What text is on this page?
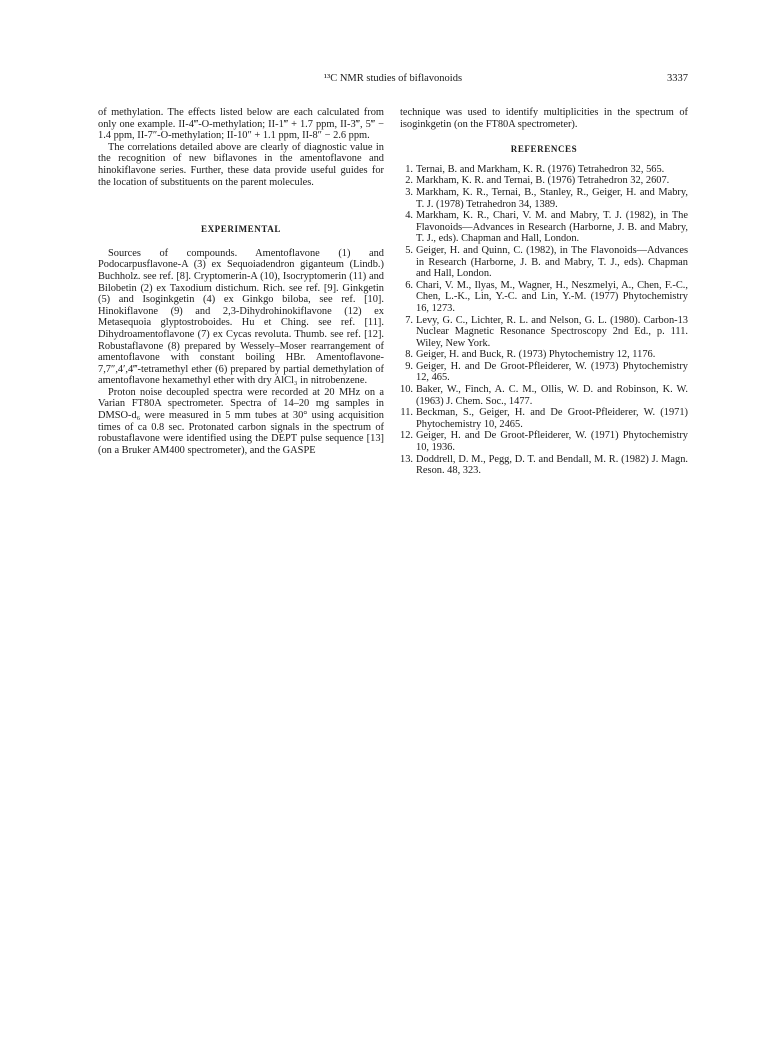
¹³C NMR studies of biflavonoids	3337

of methylation. The effects listed below are each calculated from only one example. II-4‴-O-methylation; II-1‴ + 1.7 ppm, II-3‴, 5‴ − 1.4 ppm, II-7″-O-methylation; II-10″ + 1.1 ppm, II-8″ − 2.6 ppm.

The correlations detailed above are clearly of diagnostic value in the recognition of new biflavones in the amentoflavone and hinokiflavone series. Further, these data provide useful guides for the location of substituents on the parent molecules.

EXPERIMENTAL

Sources of compounds. Amentoflavone (1) and Podocarpusflavone-A (3) ex Sequoiadendron giganteum (Lindb.) Buchholz. see ref. [8]. Cryptomerin-A (10), Isocryptomerin (11) and Bilobetin (2) ex Taxodium distichum. Rich. see ref. [9]. Ginkgetin (5) and Isoginkgetin (4) ex Ginkgo biloba, see ref. [10]. Hinokiflavone (9) and 2,3-Dihydrohinokiflavone (12) ex Metasequoia glyptostroboides. Hu et Ching. see ref. [11]. Dihydroamentoflavone (7) ex Cycas revoluta. Thumb. see ref. [12]. Robustaflavone (8) prepared by Wessely–Moser rearrangement of amentoflavone with constant boiling HBr. Amentoflavone-7,7″,4′,4‴-tetramethyl ether (6) prepared by partial demethylation of amentoflavone hexamethyl ether with dry AlCl₃ in nitrobenzene.

Proton noise decoupled spectra were recorded at 20 MHz on a Varian FT80A spectrometer. Spectra of 14–20 mg samples in DMSO-d₆ were measured in 5 mm tubes at 30° using acquisition times of ca 0.8 sec. Protonated carbon signals in the spectrum of robustaflavone were identified using the DEPT pulse sequence [13] (on a Bruker AM400 spectrometer), and the GASPE

technique was used to identify multiplicities in the spectrum of isoginkgetin (on the FT80A spectrometer).

REFERENCES
1. Ternai, B. and Markham, K. R. (1976) Tetrahedron 32, 565.
2. Markham, K. R. and Ternai, B. (1976) Tetrahedron 32, 2607.
3. Markham, K. R., Ternai, B., Stanley, R., Geiger, H. and Mabry, T. J. (1978) Tetrahedron 34, 1389.
4. Markham, K. R., Chari, V. M. and Mabry, T. J. (1982), in The Flavonoids—Advances in Research (Harborne, J. B. and Mabry, T. J., eds). Chapman and Hall, London.
5. Geiger, H. and Quinn, C. (1982), in The Flavonoids—Advances in Research (Harborne, J. B. and Mabry, T. J., eds). Chapman and Hall, London.
6. Chari, V. M., Ilyas, M., Wagner, H., Neszmelyi, A., Chen, F.-C., Chen, L.-K., Lin, Y.-C. and Lin, Y.-M. (1977) Phytochemistry 16, 1273.
7. Levy, G. C., Lichter, R. L. and Nelson, G. L. (1980). Carbon-13 Nuclear Magnetic Resonance Spectroscopy 2nd Ed., p. 111. Wiley, New York.
8. Geiger, H. and Buck, R. (1973) Phytochemistry 12, 1176.
9. Geiger, H. and De Groot-Pfleiderer, W. (1973) Phytochemistry 12, 465.
10. Baker, W., Finch, A. C. M., Ollis, W. D. and Robinson, K. W. (1963) J. Chem. Soc., 1477.
11. Beckman, S., Geiger, H. and De Groot-Pfleiderer, W. (1971) Phytochemistry 10, 2465.
12. Geiger, H. and De Groot-Pfleiderer, W. (1971) Phytochemistry 10, 1936.
13. Doddrell, D. M., Pegg, D. T. and Bendall, M. R. (1982) J. Magn. Reson. 48, 323.
